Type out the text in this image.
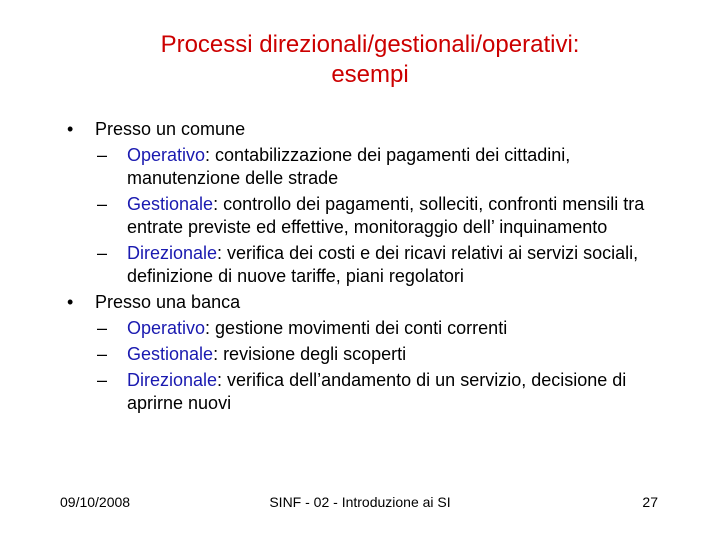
Processi direzionali/gestionali/operativi:
esempi
• Presso un comune
– Operativo: contabilizzazione dei pagamenti dei cittadini, manutenzione delle strade
– Gestionale: controllo dei pagamenti, solleciti, confronti mensili tra entrate previste ed effettive, monitoraggio dell’ inquinamento
– Direzionale: verifica dei costi e dei ricavi relativi ai servizi sociali, definizione di nuove tariffe, piani regolatori
• Presso una banca
– Operativo: gestione movimenti dei conti correnti
– Gestionale: revisione degli scoperti
– Direzionale: verifica dell’andamento di un servizio, decisione di aprirne nuovi
09/10/2008	SINF - 02 - Introduzione ai SI	27
